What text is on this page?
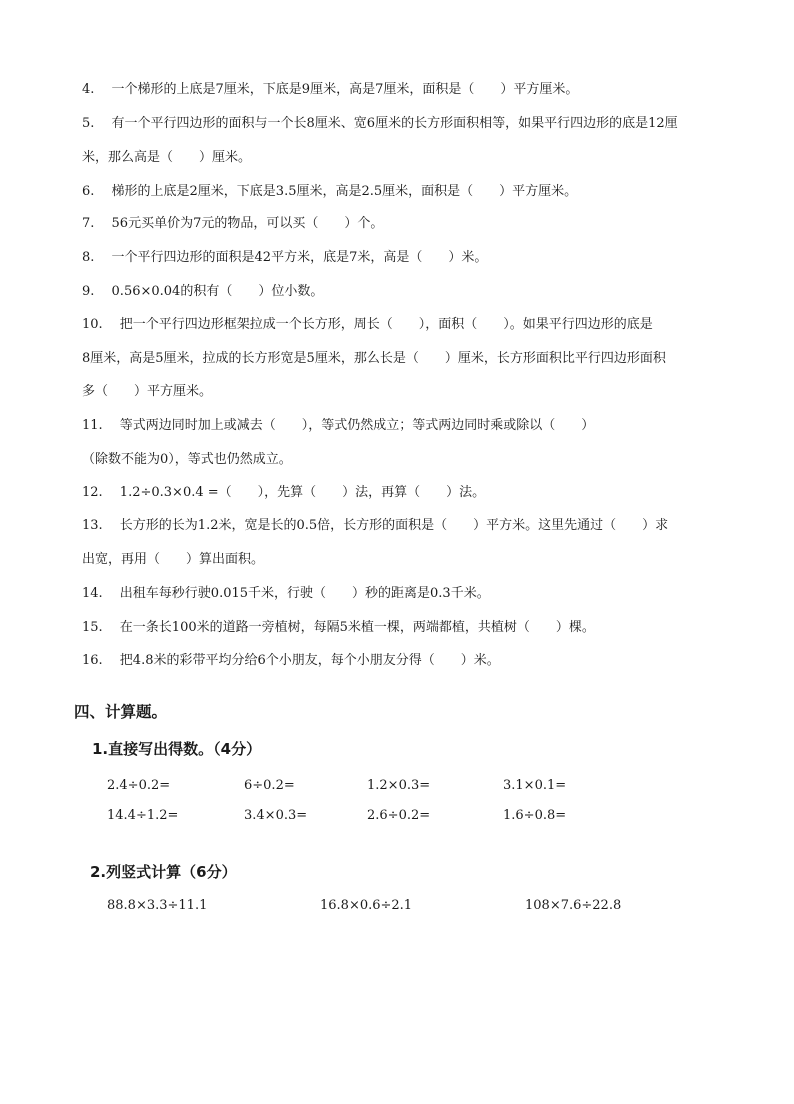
4.　 一个梯形的上底是7厘米，下底是9厘米，高是7厘米，面积是（　　）平方厘米。
5.　 有一个平行四边形的面积与一个长8厘米、宽6厘米的长方形面积相等，如果平行四边形的底是12厘
米，那么高是（　　）厘米。
6.　 梯形的上底是2厘米，下底是3.5厘米，高是2.5厘米，面积是（　　）平方厘米。
7.　 56元买单价为7元的物品，可以买（　　）个。
8.　 一个平行四边形的面积是42平方米，底是7米，高是（　　）米。
9.　 0.56×0.04的积有（　　）位小数。
10.　 把一个平行四边形框架拉成一个长方形，周长（　　），面积（　　）。如果平行四边形的底是
8厘米，高是5厘米，拉成的长方形宽是5厘米，那么长是（　　）厘米，长方形面积比平行四边形面积
多（　　）平方厘米。
11.　 等式两边同时加上或减去（　　），等式仍然成立；等式两边同时乘或除以（　　）
（除数不能为0），等式也仍然成立。
12.　 1.2÷0.3×0.4 =（　　），先算（　　）法，再算（　　）法。
13.　 长方形的长为1.2米，宽是长的0.5倍，长方形的面积是（　　）平方米。这里先通过（　　）求
出宽，再用（　　）算出面积。
14.　 出租车每秒行驶0.015千米，行驶（　　）秒的距离是0.3千米。
15.　 在一条长100米的道路一旁植树，每隔5米植一棵，两端都植，共植树（　　）棵。
16.　 把4.8米的彩带平均分给6个小朋友，每个小朋友分得（　　）米。
四、计算题。
1.直接写出得数。（4分）
2.4÷0.2=	6÷0.2=	1.2×0.3=	3.1×0.1=
14.4÷1.2=	3.4×0.3=	2.6÷0.2=	1.6÷0.8=
2.列竖式计算（6分）
88.8×3.3÷11.1	16.8×0.6÷2.1	108×7.6÷22.8
